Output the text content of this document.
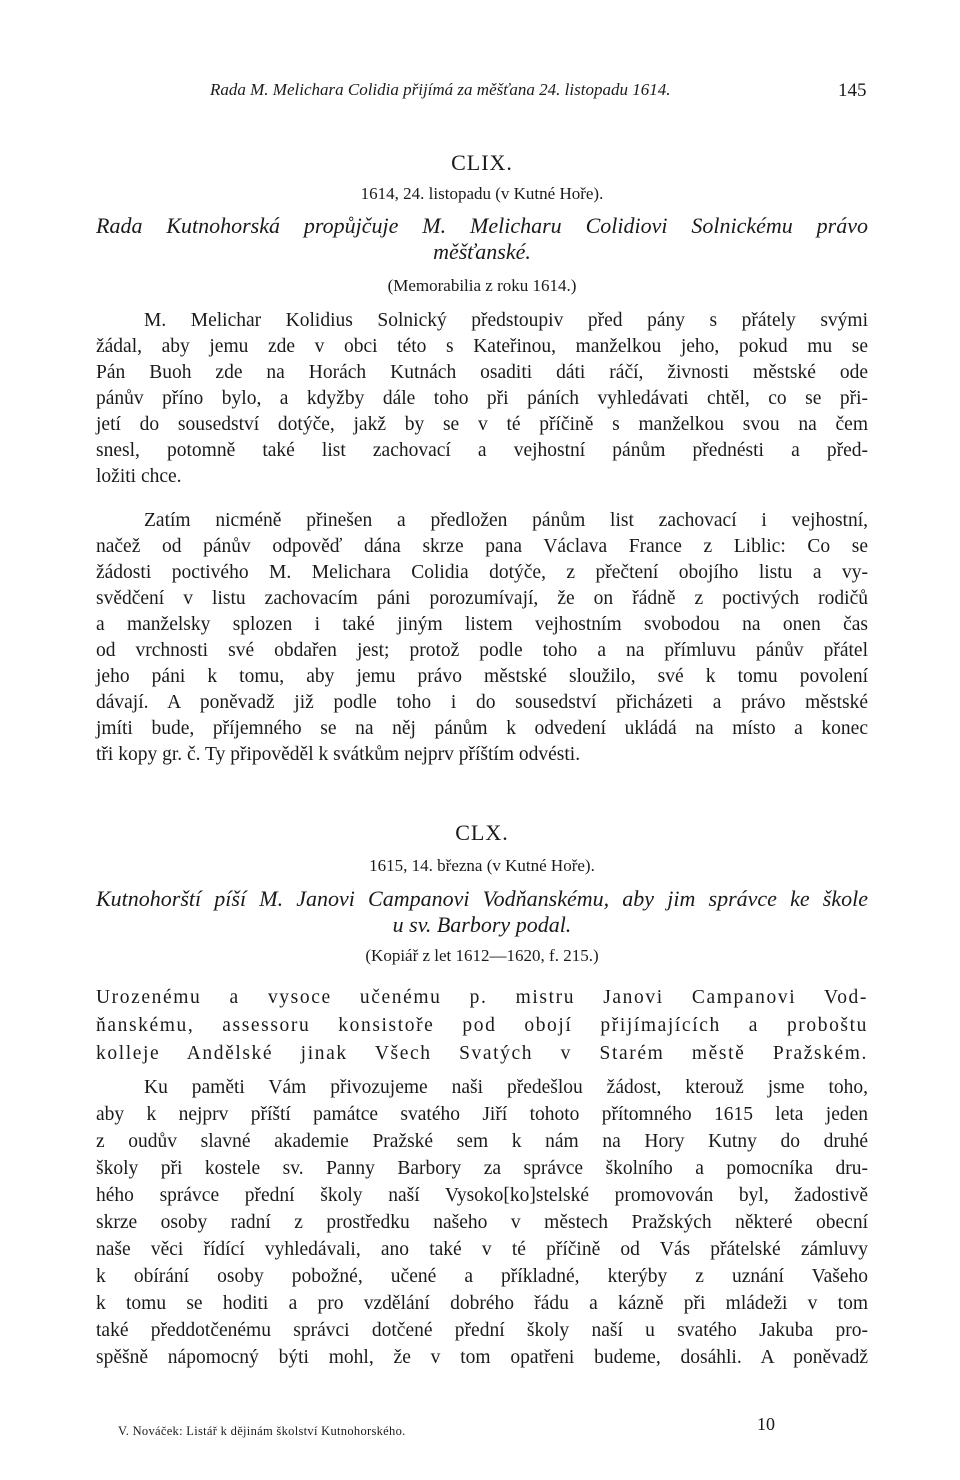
Rada M. Melichara Colidia přijímá za měšťana 24. listopadu 1614.	145
CLIX.
1614, 24. listopadu (v Kutné Hoře).
Rada Kutnohorská propůjčuje M. Melicharu Colidiovi Solnickému právo
měšťanské.
(Memorabilia z roku 1614.)
M. Melichar Kolidius Solnický předstoupiv před pány s přátely svými
žádal, aby jemu zde v obci této s Kateřinou, manželkou jeho, pokud mu se
Pán Buoh zde na Horách Kutnách osaditi dáti ráčí, živnosti městské ode
pánův příno bylo, a kdyžby dále toho při páních vyhledávati chtěl, co se při-
jetí do sousedství dotýče, jakž by se v té příčině s manželkou svou na čem
snesl, potomně také list zachovací a vejhostní pánům přednésti a před-
ložiti chce.
Zatím nicméně přinešen a předložen pánům list zachovací i vejhostní,
načež od pánův odpověď dána skrze pana Václava France z Liblic: Co se
žádosti poctivého M. Melichara Colidia dotýče, z přečtení obojího listu a vy-
svědčení v listu zachovacím páni porozumívají, že on řádně z poctivých rodičů
a manželsky splozen i také jiným listem vejhostním svobodou na onen čas
od vrchnosti své obdařen jest; protož podle toho a na přímluvu pánův přátel
jeho páni k tomu, aby jemu právo městské sloužilo, své k tomu povolení
dávají. A poněvadž již podle toho i do sousedství přicházeti a právo městské
jmíti bude, příjemného se na něj pánům k odvedení ukládá na místo a konec
tři kopy gr. č. Ty připověděl k svátkům nejprv příštím odvésti.
CLX.
1615, 14. března (v Kutné Hoře).
Kutnohorští píší M. Janovi Campanovi Vodňanskému, aby jim správce ke škole
u sv. Barbory podal.
(Kopiář z let 1612—1620, f. 215.)
Urozenému a vysoce učenému p. mistru Janovi Campanovi Vod-
ňanskému, assessoru konsistoře pod obojí přijímajících a proboštu
kolleje Andělské jinak Všech Svatých v Starém městě Pražském.
Ku paměti Vám přivozujeme naši předešlou žádost, kterouž jsme toho,
aby k nejprv příští památce svatého Jiří tohoto přítomného 1615 leta jeden
z oudův slavné akademie Pražské sem k nám na Hory Kutny do druhé
školy při kostele sv. Panny Barbory za správce školního a pomocníka dru-
hého správce přední školy naší Vysoko[ko]stelské promovován byl, žadostivě
skrze osoby radní z prostředku našeho v městech Pražských některé obecní
naše věci řídící vyhledávali, ano také v té příčině od Vás přátelské zámluvy
k obírání osoby pobožné, učené a příkladné, kterýby z uznání Vašeho
k tomu se hoditi a pro vzdělání dobrého řádu a kázně při mládeži v tom
také předdotčenému správci dotčené přední školy naší u svatého Jakuba pro-
spěšně nápomocný býti mohl, že v tom opatřeni budeme, dosáhli. A poněvadž
V. Nováček: Listář k dějinám školství Kutnohorského.	10
